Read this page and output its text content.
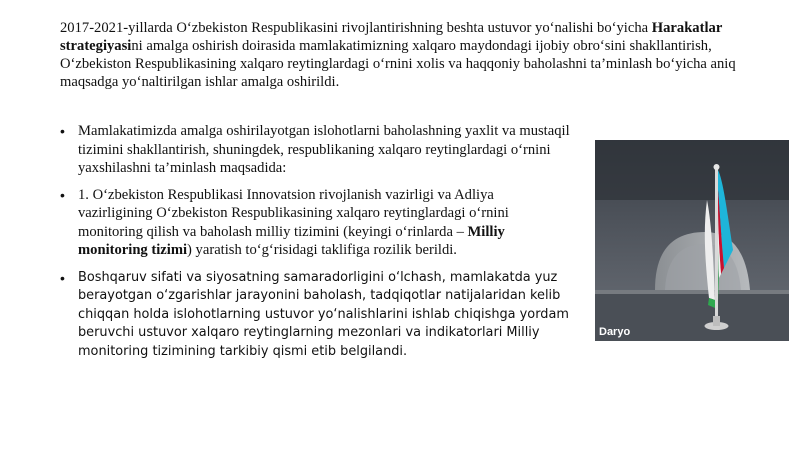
2017-2021-yillarda O‘zbekiston Respublikasini rivojlantirishning beshta ustuvor yo‘nalishi bo‘yicha Harakatlar strategiyasini amalga oshirish doirasida mamlakatimizning xalqaro maydondagi ijobiy obro‘sini shakllantirish, O‘zbekiston Respublikasining xalqaro reytinglardagi o‘rnini xolis va haqqoniy baholashni ta’minlash bo‘yicha aniq maqsadga yo‘naltirilgan ishlar amalga oshirildi.

• Mamlakatimizda amalga oshirilayotgan islohotlarni baholashning yaxlit va mustaqil tizimini shakllantirish, shuningdek, respublikaning xalqaro reytinglardagi o‘rnini yaxshilashni ta’minlash maqsadida:
• 1. O‘zbekiston Respublikasi Innovatsion rivojlanish vazirligi va Adliya vazirligining O‘zbekiston Respublikasining xalqaro reytinglardagi o‘rnini monitoring qilish va baholash milliy tizimini (keyingi o‘rinlarda – Milliy monitoring tizimi) yaratish to‘g‘risidagi taklifiga rozilik berildi.
• Boshqaruv sifati va siyosatning samaradorligini o‘lchash, mamlakatda yuz berayotgan o‘zgarishlar jarayonini baholash, tadqiqotlar natijalaridan kelib chiqqan holda islohotlarning ustuvor yo‘nalishlarini ishlab chiqishga yordam beruvchi ustuvor xalqaro reytinglarning mezonlari va indikatorlari Milliy monitoring tizimining tarkibiy qismi etib belgilandi.
Daryo
